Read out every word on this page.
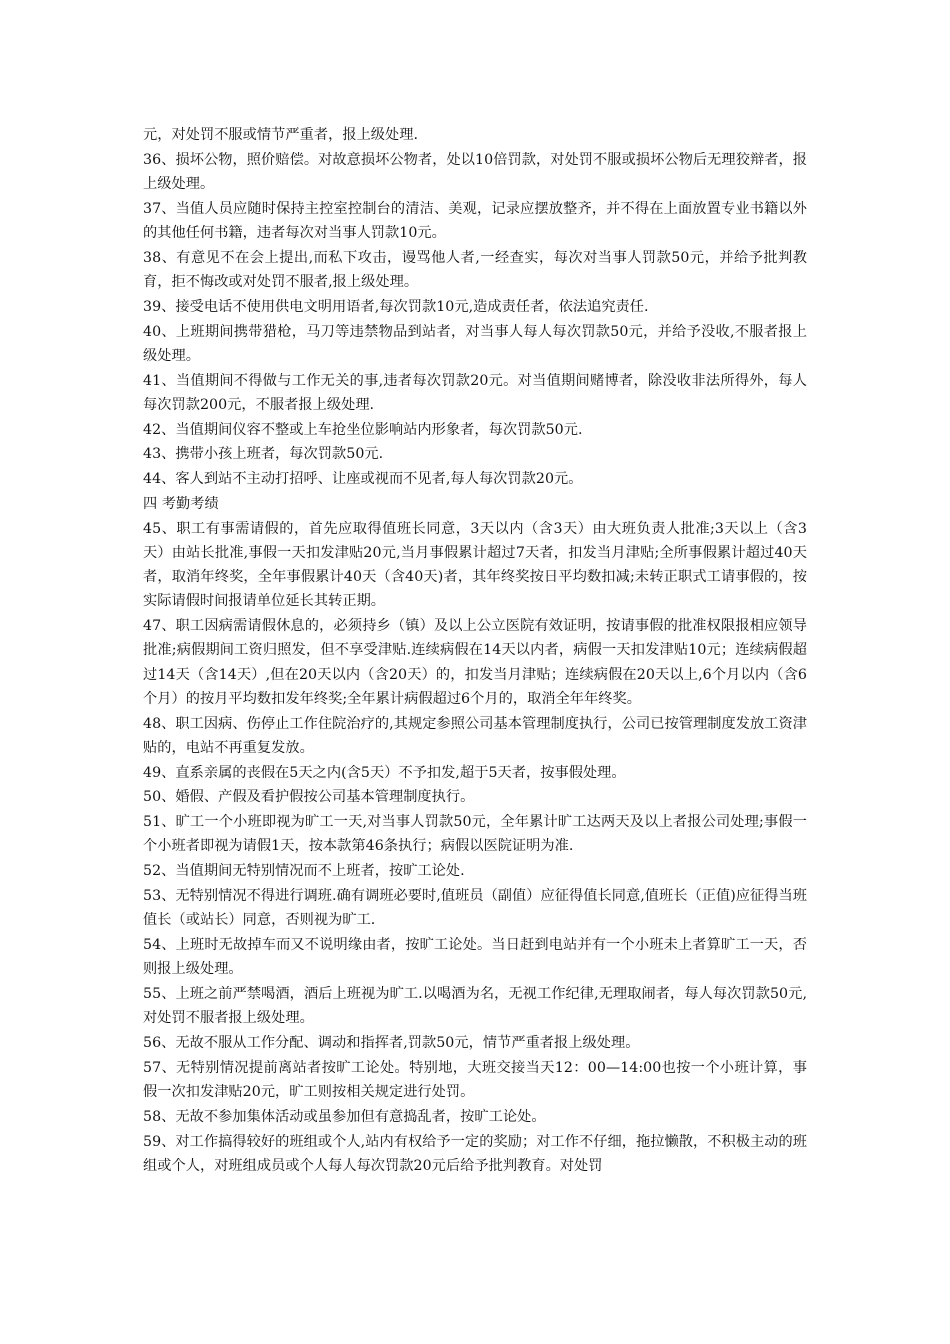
元，对处罚不服或情节严重者，报上级处理.

36、损坏公物，照价赔偿。对故意损坏公物者，处以10倍罚款，对处罚不服或损坏公物后无理狡辩者，报上级处理。

37、当值人员应随时保持主控室控制台的清洁、美观，记录应摆放整齐，并不得在上面放置专业书籍以外的其他任何书籍，违者每次对当事人罚款10元。

38、有意见不在会上提出,而私下攻击，谩骂他人者,一经查实，每次对当事人罚款50元，并给予批判教育，拒不悔改或对处罚不服者,报上级处理。

39、接受电话不使用供电文明用语者,每次罚款10元,造成责任者，依法追究责任.

40、上班期间携带猎枪，马刀等违禁物品到站者，对当事人每人每次罚款50元，并给予没收,不服者报上级处理。

41、当值期间不得做与工作无关的事,违者每次罚款20元。对当值期间赌博者，除没收非法所得外，每人每次罚款200元，不服者报上级处理.

42、当值期间仪容不整或上车抢坐位影响站内形象者，每次罚款50元.

43、携带小孩上班者，每次罚款50元.

44、客人到站不主动打招呼、让座或视而不见者,每人每次罚款20元。

四 考勤考绩

45、职工有事需请假的，首先应取得值班长同意，3天以内（含3天）由大班负责人批准;3天以上（含3天）由站长批准,事假一天扣发津贴20元,当月事假累计超过7天者，扣发当月津贴;全所事假累计超过40天者，取消年终奖，全年事假累计40天（含40天)者，其年终奖按日平均数扣减;未转正职式工请事假的，按实际请假时间报请单位延长其转正期。

47、职工因病需请假休息的，必须持乡（镇）及以上公立医院有效证明，按请事假的批准权限报相应领导批准;病假期间工资归照发，但不享受津贴.连续病假在14天以内者，病假一天扣发津贴10元；连续病假超过14天（含14天）,但在20天以内（含20天）的，扣发当月津贴；连续病假在20天以上,6个月以内（含6个月）的按月平均数扣发年终奖;全年累计病假超过6个月的，取消全年年终奖。

48、职工因病、伤停止工作住院治疗的,其规定参照公司基本管理制度执行，公司已按管理制度发放工资津贴的，电站不再重复发放。

49、直系亲属的丧假在5天之内(含5天）不予扣发,超于5天者，按事假处理。

50、婚假、产假及看护假按公司基本管理制度执行。

51、旷工一个小班即视为旷工一天,对当事人罚款50元，全年累计旷工达两天及以上者报公司处理;事假一个小班者即视为请假1天，按本款第46条执行；病假以医院证明为准.

52、当值期间无特别情况而不上班者，按旷工论处.

53、无特别情况不得进行调班.确有调班必要时,值班员（副值）应征得值长同意,值班长（正值)应征得当班值长（或站长）同意，否则视为旷工.

54、上班时无故掉车而又不说明缘由者，按旷工论处。当日赶到电站并有一个小班未上者算旷工一天，否则报上级处理。

55、上班之前严禁喝酒，酒后上班视为旷工.以喝酒为名，无视工作纪律,无理取闹者，每人每次罚款50元,对处罚不服者报上级处理。

56、无故不服从工作分配、调动和指挥者,罚款50元，情节严重者报上级处理。

57、无特别情况提前离站者按旷工论处。特别地，大班交接当天12：00—14:00也按一个小班计算，事假一次扣发津贴20元，旷工则按相关规定进行处罚。

58、无故不参加集体活动或虽参加但有意捣乱者，按旷工论处。

59、对工作搞得较好的班组或个人,站内有权给予一定的奖励；对工作不仔细，拖拉懒散，不积极主动的班组或个人，对班组成员或个人每人每次罚款20元后给予批判教育。对处罚
